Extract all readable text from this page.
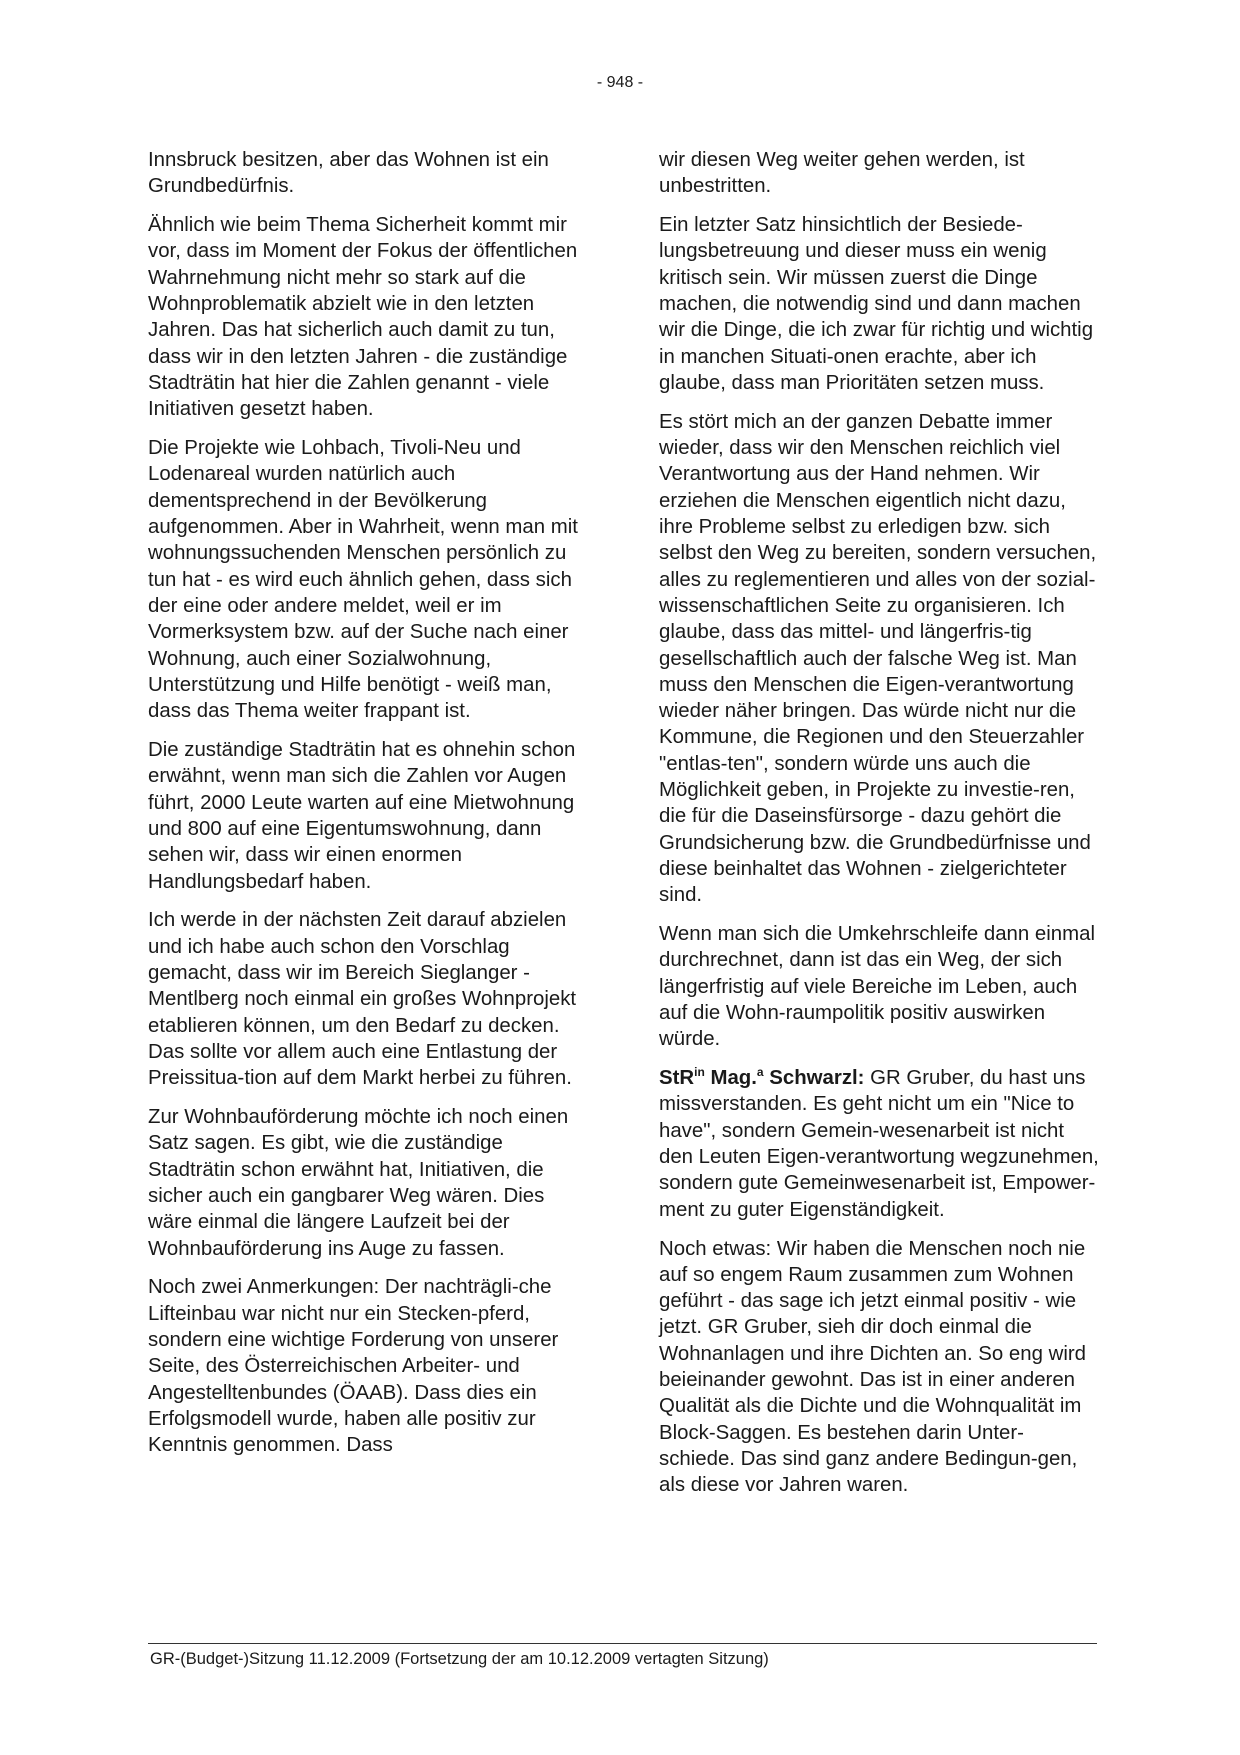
- 948 -

Innsbruck besitzen, aber das Wohnen ist ein Grundbedürfnis.

Ähnlich wie beim Thema Sicherheit kommt mir vor, dass im Moment der Fokus der öffentlichen Wahrnehmung nicht mehr so stark auf die Wohnproblematik abzielt wie in den letzten Jahren. Das hat sicherlich auch damit zu tun, dass wir in den letzten Jahren - die zuständige Stadträtin hat hier die Zahlen genannt - viele Initiativen gesetzt haben.

Die Projekte wie Lohbach, Tivoli-Neu und Lodenareal wurden natürlich auch dementsprechend in der Bevölkerung aufgenommen. Aber in Wahrheit, wenn man mit wohnungssuchenden Menschen persönlich zu tun hat - es wird euch ähnlich gehen, dass sich der eine oder andere meldet, weil er im Vormerksystem bzw. auf der Suche nach einer Wohnung, auch einer Sozialwohnung, Unterstützung und Hilfe benötigt - weiß man, dass das Thema weiter frappant ist.

Die zuständige Stadträtin hat es ohnehin schon erwähnt, wenn man sich die Zahlen vor Augen führt, 2000 Leute warten auf eine Mietwohnung und 800 auf eine Eigentumswohnung, dann sehen wir, dass wir einen enormen Handlungsbedarf haben.

Ich werde in der nächsten Zeit darauf abzielen und ich habe auch schon den Vorschlag gemacht, dass wir im Bereich Sieglanger - Mentlberg noch einmal ein großes Wohnprojekt etablieren können, um den Bedarf zu decken. Das sollte vor allem auch eine Entlastung der Preissitua-tion auf dem Markt herbei zu führen.

Zur Wohnbauförderung möchte ich noch einen Satz sagen. Es gibt, wie die zuständige Stadträtin schon erwähnt hat, Initiativen, die sicher auch ein gangbarer Weg wären. Dies wäre einmal die längere Laufzeit bei der Wohnbauförderung ins Auge zu fassen.

Noch zwei Anmerkungen: Der nachträgli-che Lifteinbau war nicht nur ein Stecken-pferd, sondern eine wichtige Forderung von unserer Seite, des Österreichischen Arbeiter- und Angestelltenbundes (ÖAAB). Dass dies ein Erfolgsmodell wurde, haben alle positiv zur Kenntnis genommen. Dass

wir diesen Weg weiter gehen werden, ist unbestritten.

Ein letzter Satz hinsichtlich der Besiede-lungsbetreuung und dieser muss ein wenig kritisch sein. Wir müssen zuerst die Dinge machen, die notwendig sind und dann machen wir die Dinge, die ich zwar für richtig und wichtig in manchen Situati-onen erachte, aber ich glaube, dass man Prioritäten setzen muss.

Es stört mich an der ganzen Debatte immer wieder, dass wir den Menschen reichlich viel Verantwortung aus der Hand nehmen. Wir erziehen die Menschen eigentlich nicht dazu, ihre Probleme selbst zu erledigen bzw. sich selbst den Weg zu bereiten, sondern versuchen, alles zu reglementieren und alles von der sozial-wissenschaftlichen Seite zu organisieren. Ich glaube, dass das mittel- und längerfris-tig gesellschaftlich auch der falsche Weg ist. Man muss den Menschen die Eigen-verantwortung wieder näher bringen. Das würde nicht nur die Kommune, die Regionen und den Steuerzahler "entlas-ten", sondern würde uns auch die Möglichkeit geben, in Projekte zu investie-ren, die für die Daseinsfürsorge - dazu gehört die Grundsicherung bzw. die Grundbedürfnisse und diese beinhaltet das Wohnen - zielgerichteter sind.

Wenn man sich die Umkehrschleife dann einmal durchrechnet, dann ist das ein Weg, der sich längerfristig auf viele Bereiche im Leben, auch auf die Wohn-raumpolitik positiv auswirken würde.

StR$^{in}$ Mag.$^a$ Schwarzl: GR Gruber, du hast uns missverstanden. Es geht nicht um ein "Nice to have", sondern Gemein-wesenarbeit ist nicht den Leuten Eigen-verantwortung wegzunehmen, sondern gute Gemeinwesenarbeit ist, Empower-ment zu guter Eigenständigkeit.

Noch etwas: Wir haben die Menschen noch nie auf so engem Raum zusammen zum Wohnen geführt - das sage ich jetzt einmal positiv - wie jetzt. GR Gruber, sieh dir doch einmal die Wohnanlagen und ihre Dichten an. So eng wird beieinander gewohnt. Das ist in einer anderen Qualität als die Dichte und die Wohnqualität im Block-Saggen. Es bestehen darin Unter-schiede. Das sind ganz andere Bedingun-gen, als diese vor Jahren waren.

GR-(Budget-)Sitzung 11.12.2009 (Fortsetzung der am 10.12.2009 vertagten Sitzung)
